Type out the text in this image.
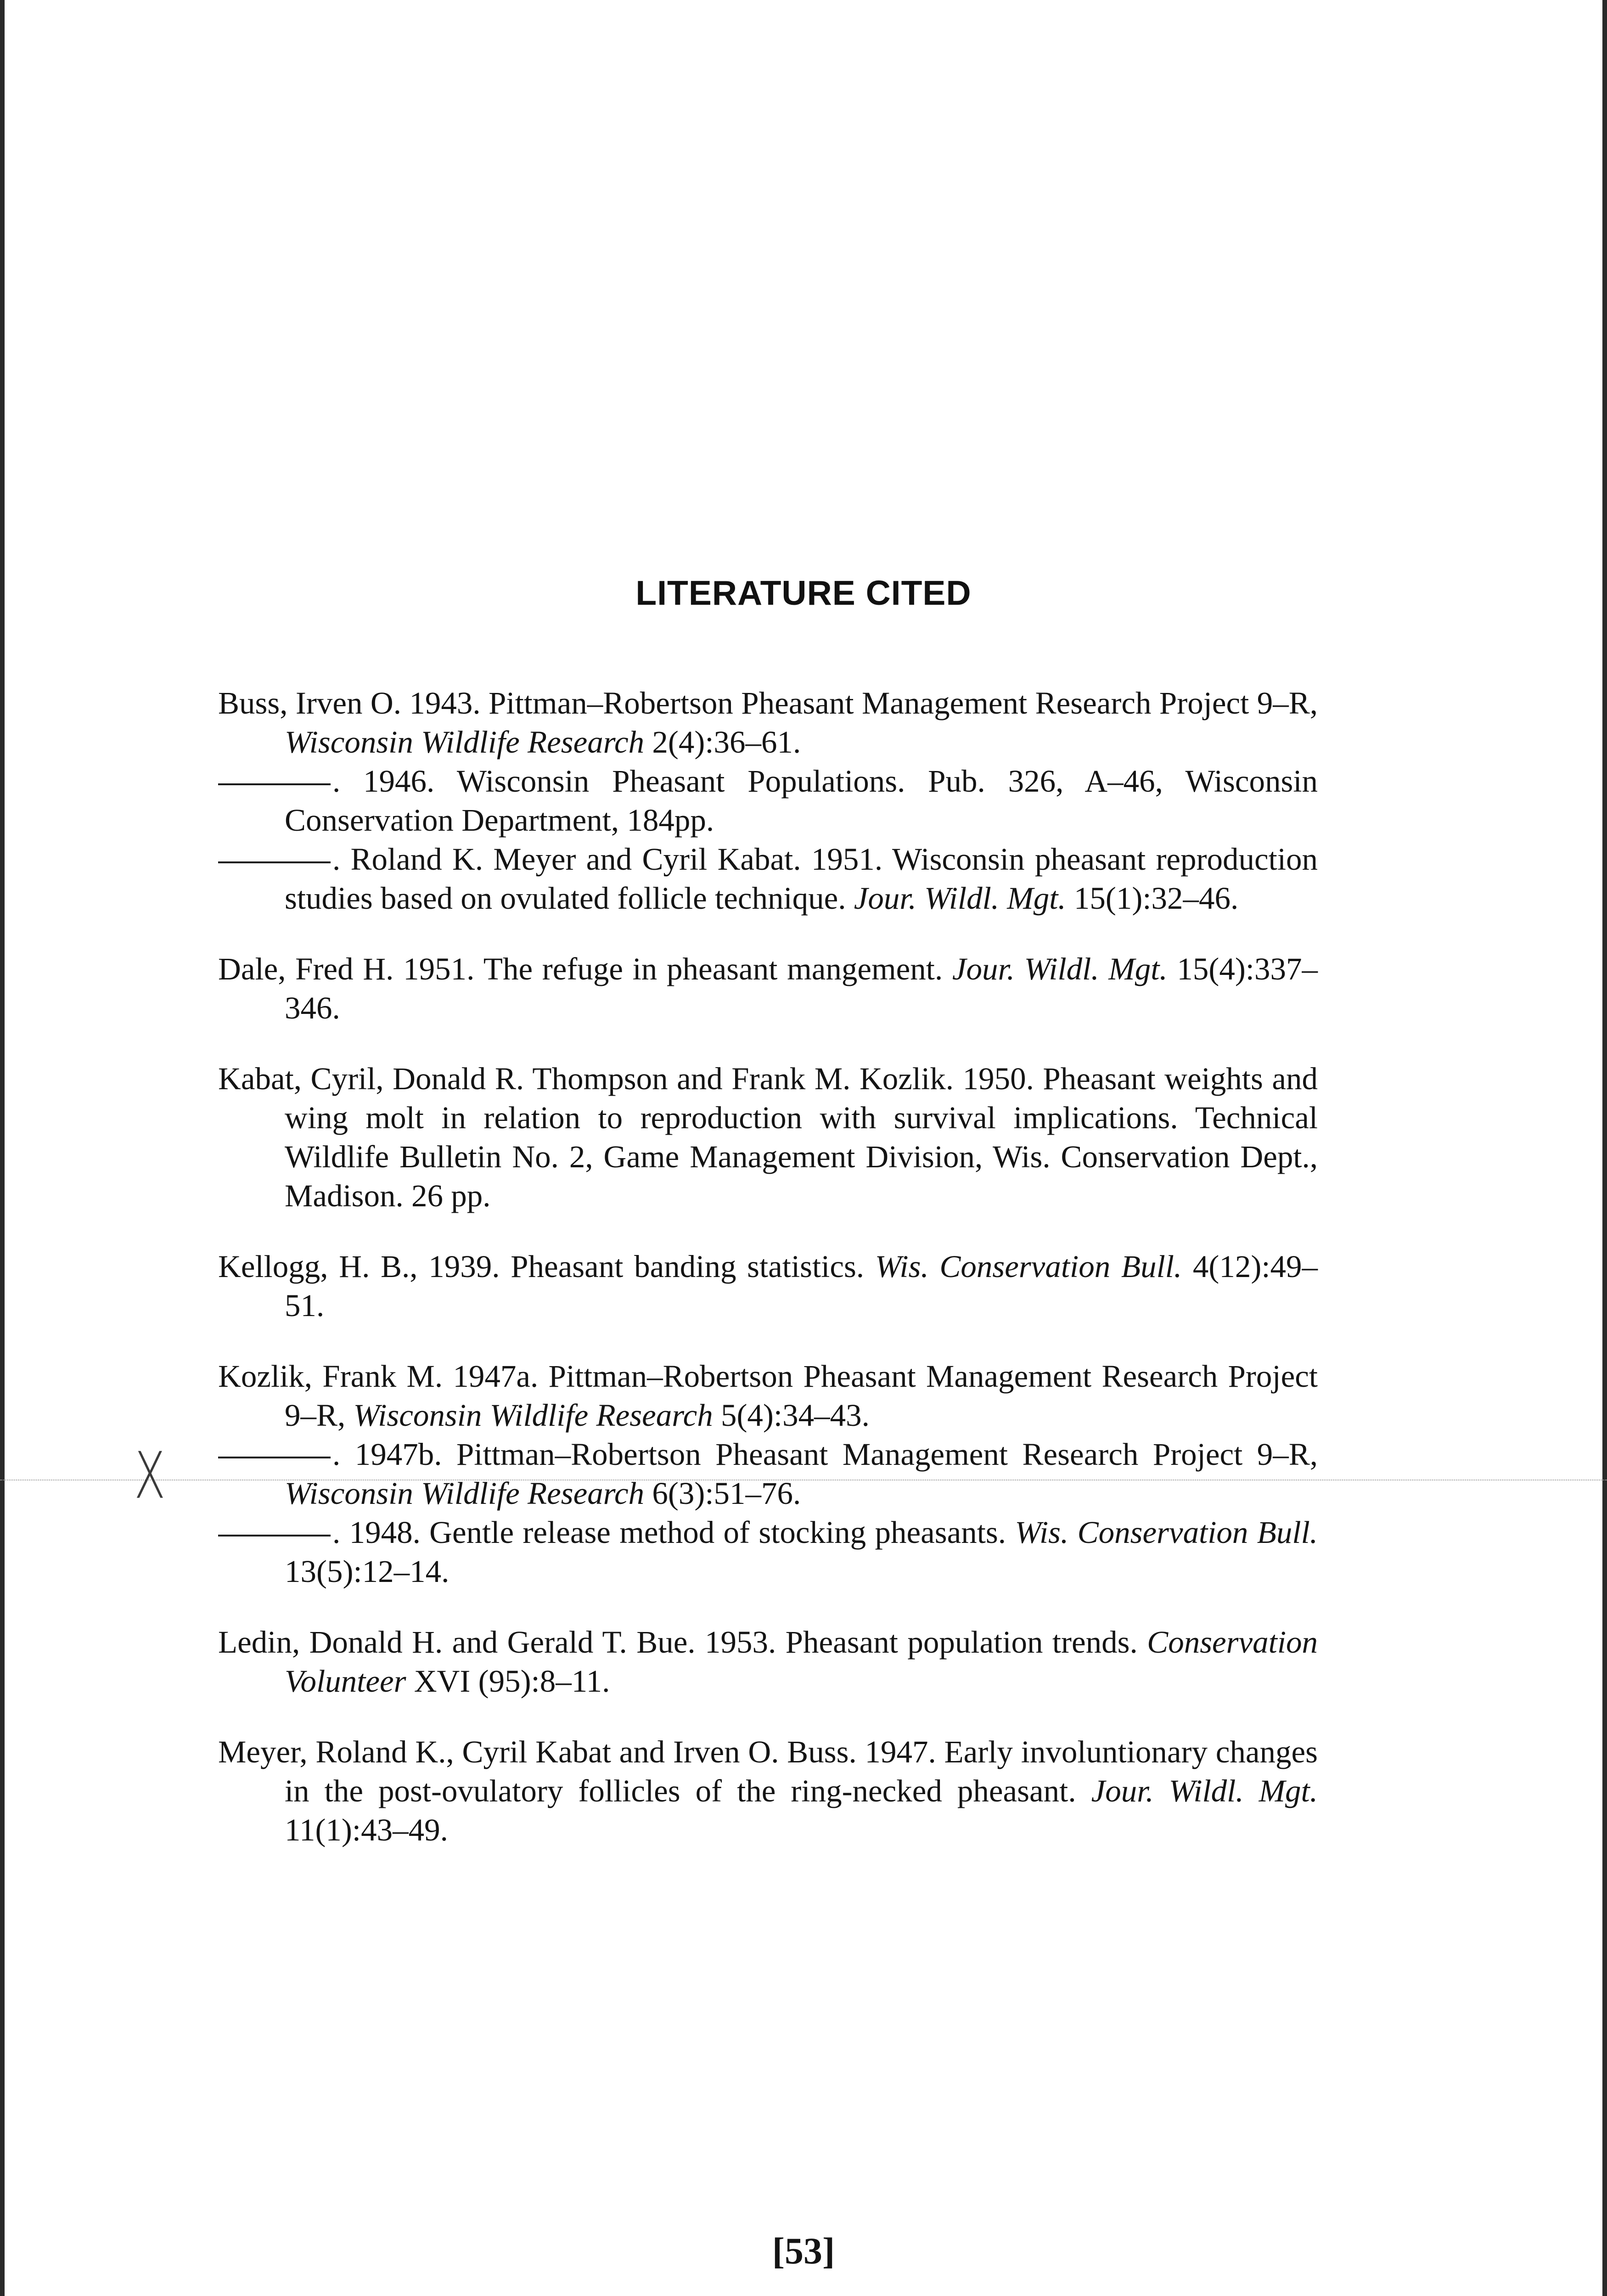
X
LITERATURE CITED

Buss, Irven O. 1943. Pittman–Robertson Pheasant Management Research Project 9–R, Wisconsin Wildlife Research 2(4):36–61.

. 1946. Wisconsin Pheasant Populations. Pub. 326, A–46, Wisconsin Conservation Department, 184pp.

. Roland K. Meyer and Cyril Kabat. 1951. Wisconsin pheasant reproduction studies based on ovulated follicle technique. Jour. Wildl. Mgt. 15(1):32–46.

Dale, Fred H. 1951. The refuge in pheasant mangement. Jour. Wildl. Mgt. 15(4):337–346.

Kabat, Cyril, Donald R. Thompson and Frank M. Kozlik. 1950. Pheasant weights and wing molt in relation to reproduction with survival implications. Technical Wildlife Bulletin No. 2, Game Management Division, Wis. Conservation Dept., Madison. 26 pp.

Kellogg, H. B., 1939. Pheasant banding statistics. Wis. Conservation Bull. 4(12):49–51.

Kozlik, Frank M. 1947a. Pittman–Robertson Pheasant Management Research Project 9–R, Wisconsin Wildlife Research 5(4):34–43.

. 1947b. Pittman–Robertson Pheasant Management Research Project 9–R, Wisconsin Wildlife Research 6(3):51–76.

. 1948. Gentle release method of stocking pheasants. Wis. Conservation Bull. 13(5):12–14.

Ledin, Donald H. and Gerald T. Bue. 1953. Pheasant population trends. Conservation Volunteer XVI (95):8–11.

Meyer, Roland K., Cyril Kabat and Irven O. Buss. 1947. Early involuntionary changes in the post-ovulatory follicles of the ring-necked pheasant. Jour. Wildl. Mgt. 11(1):43–49.

[53]
